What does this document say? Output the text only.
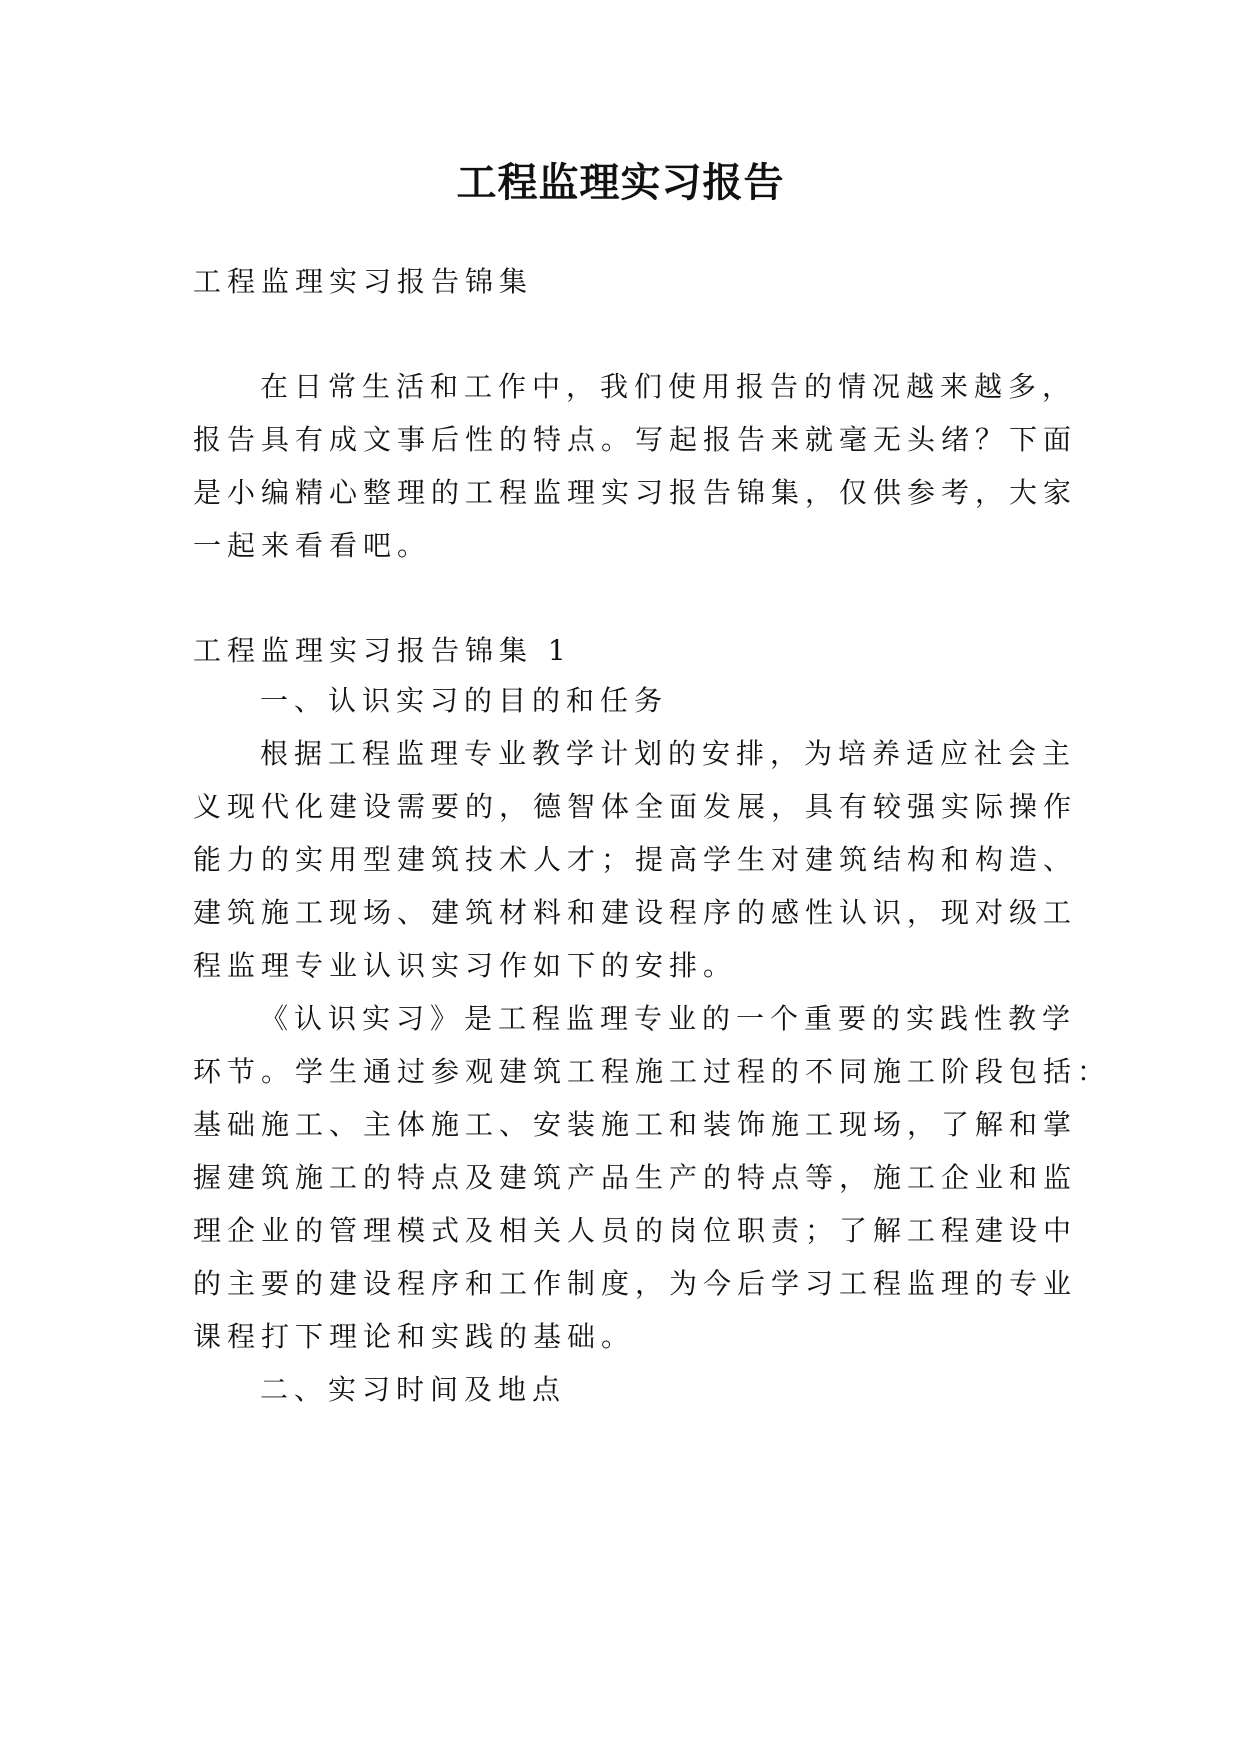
工程监理实习报告

工程监理实习报告锦集

在日常生活和工作中，我们使用报告的情况越来越多，

报告具有成文事后性的特点。写起报告来就毫无头绪？下面

是小编精心整理的工程监理实习报告锦集，仅供参考，大家

一起来看看吧。

工程监理实习报告锦集 1

一、认识实习的目的和任务

根据工程监理专业教学计划的安排，为培养适应社会主

义现代化建设需要的，德智体全面发展，具有较强实际操作

能力的实用型建筑技术人才；提高学生对建筑结构和构造、

建筑施工现场、建筑材料和建设程序的感性认识，现对级工

程监理专业认识实习作如下的安排。

《认识实习》是工程监理专业的一个重要的实践性教学

环节。学生通过参观建筑工程施工过程的不同施工阶段包括：

基础施工、主体施工、安装施工和装饰施工现场，了解和掌

握建筑施工的特点及建筑产品生产的特点等，施工企业和监

理企业的管理模式及相关人员的岗位职责；了解工程建设中

的主要的建设程序和工作制度，为今后学习工程监理的专业

课程打下理论和实践的基础。

二、实习时间及地点
